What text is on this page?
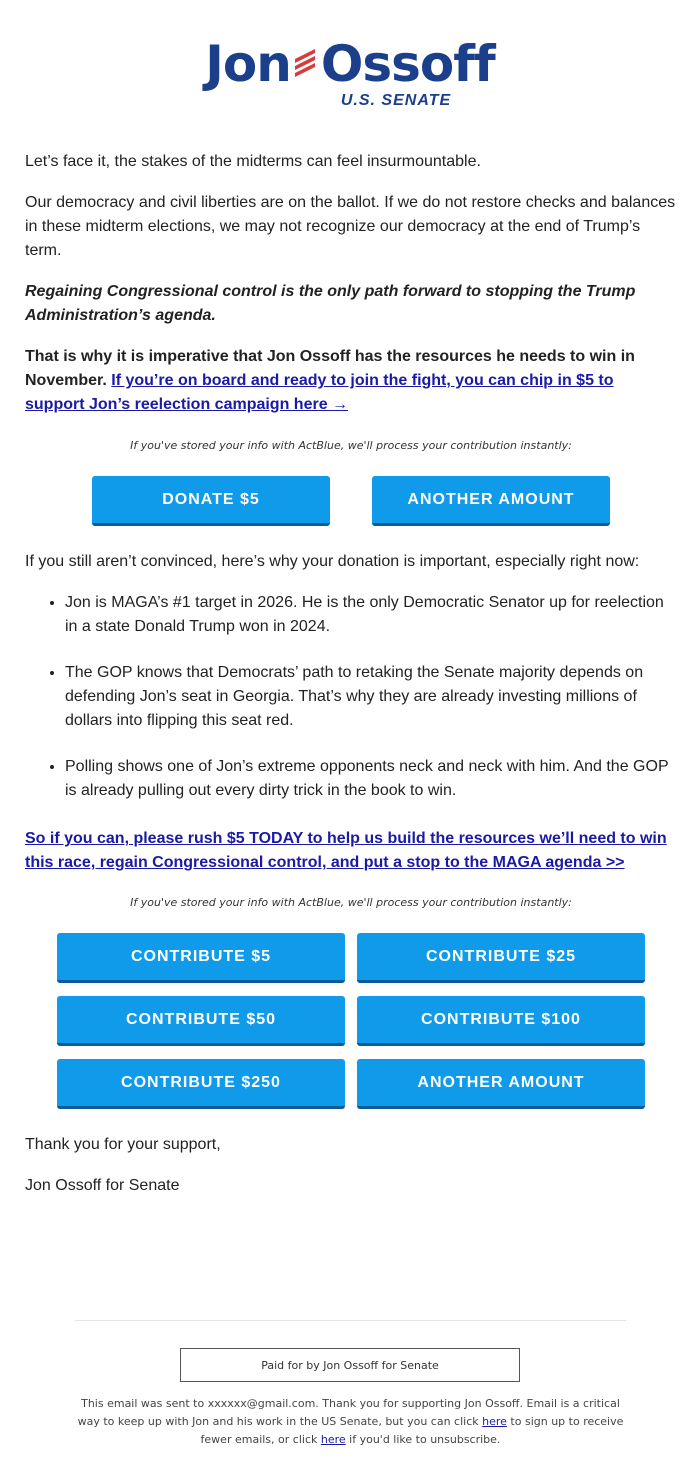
Jon Ossoff
U.S. SENATE

Let’s face it, the stakes of the midterms can feel insurmountable.

Our democracy and civil liberties are on the ballot. If we do not restore checks and balances in these midterm elections, we may not recognize our democracy at the end of Trump’s term.

Regaining Congressional control is the only path forward to stopping the Trump Administration’s agenda.

That is why it is imperative that Jon Ossoff has the resources he needs to win in November. If you’re on board and ready to join the fight, you can chip in $5 to support Jon’s reelection campaign here →

If you've stored your info with ActBlue, we'll process your contribution instantly:
DONATE $5	ANOTHER AMOUNT

If you still aren’t convinced, here’s why your donation is important, especially right now:

• Jon is MAGA’s #1 target in 2026. He is the only Democratic Senator up for reelection in a state Donald Trump won in 2024.
• The GOP knows that Democrats’ path to retaking the Senate majority depends on defending Jon’s seat in Georgia. That’s why they are already investing millions of dollars into flipping this seat red.
• Polling shows one of Jon’s extreme opponents neck and neck with him. And the GOP is already pulling out every dirty trick in the book to win.

So if you can, please rush $5 TODAY to help us build the resources we’ll need to win this race, regain Congressional control, and put a stop to the MAGA agenda >>

If you've stored your info with ActBlue, we'll process your contribution instantly:
CONTRIBUTE $5	CONTRIBUTE $25
CONTRIBUTE $50	CONTRIBUTE $100
CONTRIBUTE $250	ANOTHER AMOUNT

Thank you for your support,

Jon Ossoff for Senate

Paid for by Jon Ossoff for Senate
This email was sent to xxxxxx@gmail.com. Thank you for supporting Jon Ossoff. Email is a critical way to keep up with Jon and his work in the US Senate, but you can click here to sign up to receive fewer emails, or click here if you'd like to unsubscribe.
